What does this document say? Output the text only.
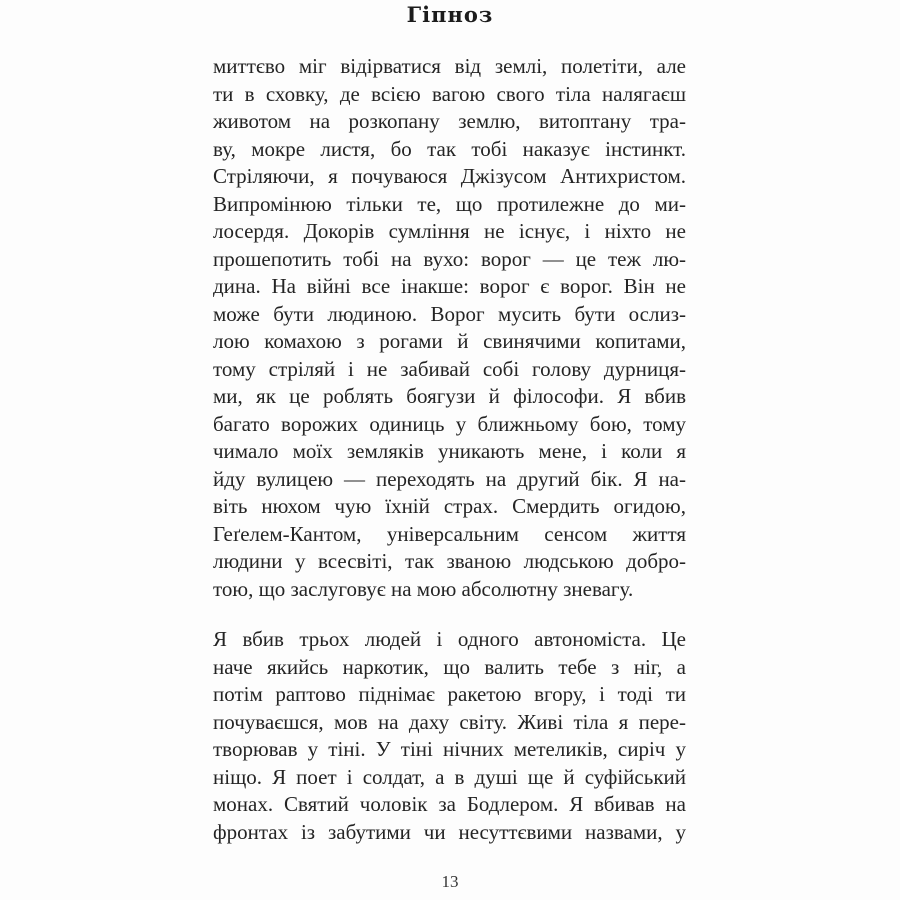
Гіпноз
миттєво міг відірватися від землі, полетіти, але
ти в сховку, де всією вагою свого тіла налягаєш
животом на розкопану землю, витоптану тра-
ву, мокре листя, бо так тобі наказує інстинкт.
Стріляючи, я почуваюся Джізусом Антихристом.
Випромінюю тільки те, що протилежне до ми-
лосердя. Докорів сумління не існує, і ніхто не
прошепотить тобі на вухо: ворог — це теж лю-
дина. На війні все інакше: ворог є ворог. Він не
може бути людиною. Ворог мусить бути ослиз-
лою комахою з рогами й свинячими копитами,
тому стріляй і не забивай собі голову дурниця-
ми, як це роблять боягузи й філософи. Я вбив
багато ворожих одиниць у ближньому бою, тому
чимало моїх земляків уникають мене, і коли я
йду вулицею — переходять на другий бік. Я на-
віть нюхом чую їхній страх. Смердить огидою,
Геґелем-Кантом, універсальним сенсом життя
людини у всесвіті, так званою людською добро-
тою, що заслуговує на мою абсолютну зневагу.
Я вбив трьох людей і одного автономіста. Це
наче якийсь наркотик, що валить тебе з ніг, а
потім раптово піднімає ракетою вгору, і тоді ти
почуваєшся, мов на даху світу. Живі тіла я пере-
творював у тіні. У тіні нічних метеликів, сиріч у
ніщо. Я поет і солдат, а в душі ще й суфійський
монах. Святий чоловік за Бодлером. Я вбивав на
фронтах із забутими чи несуттєвими назвами, у
13
